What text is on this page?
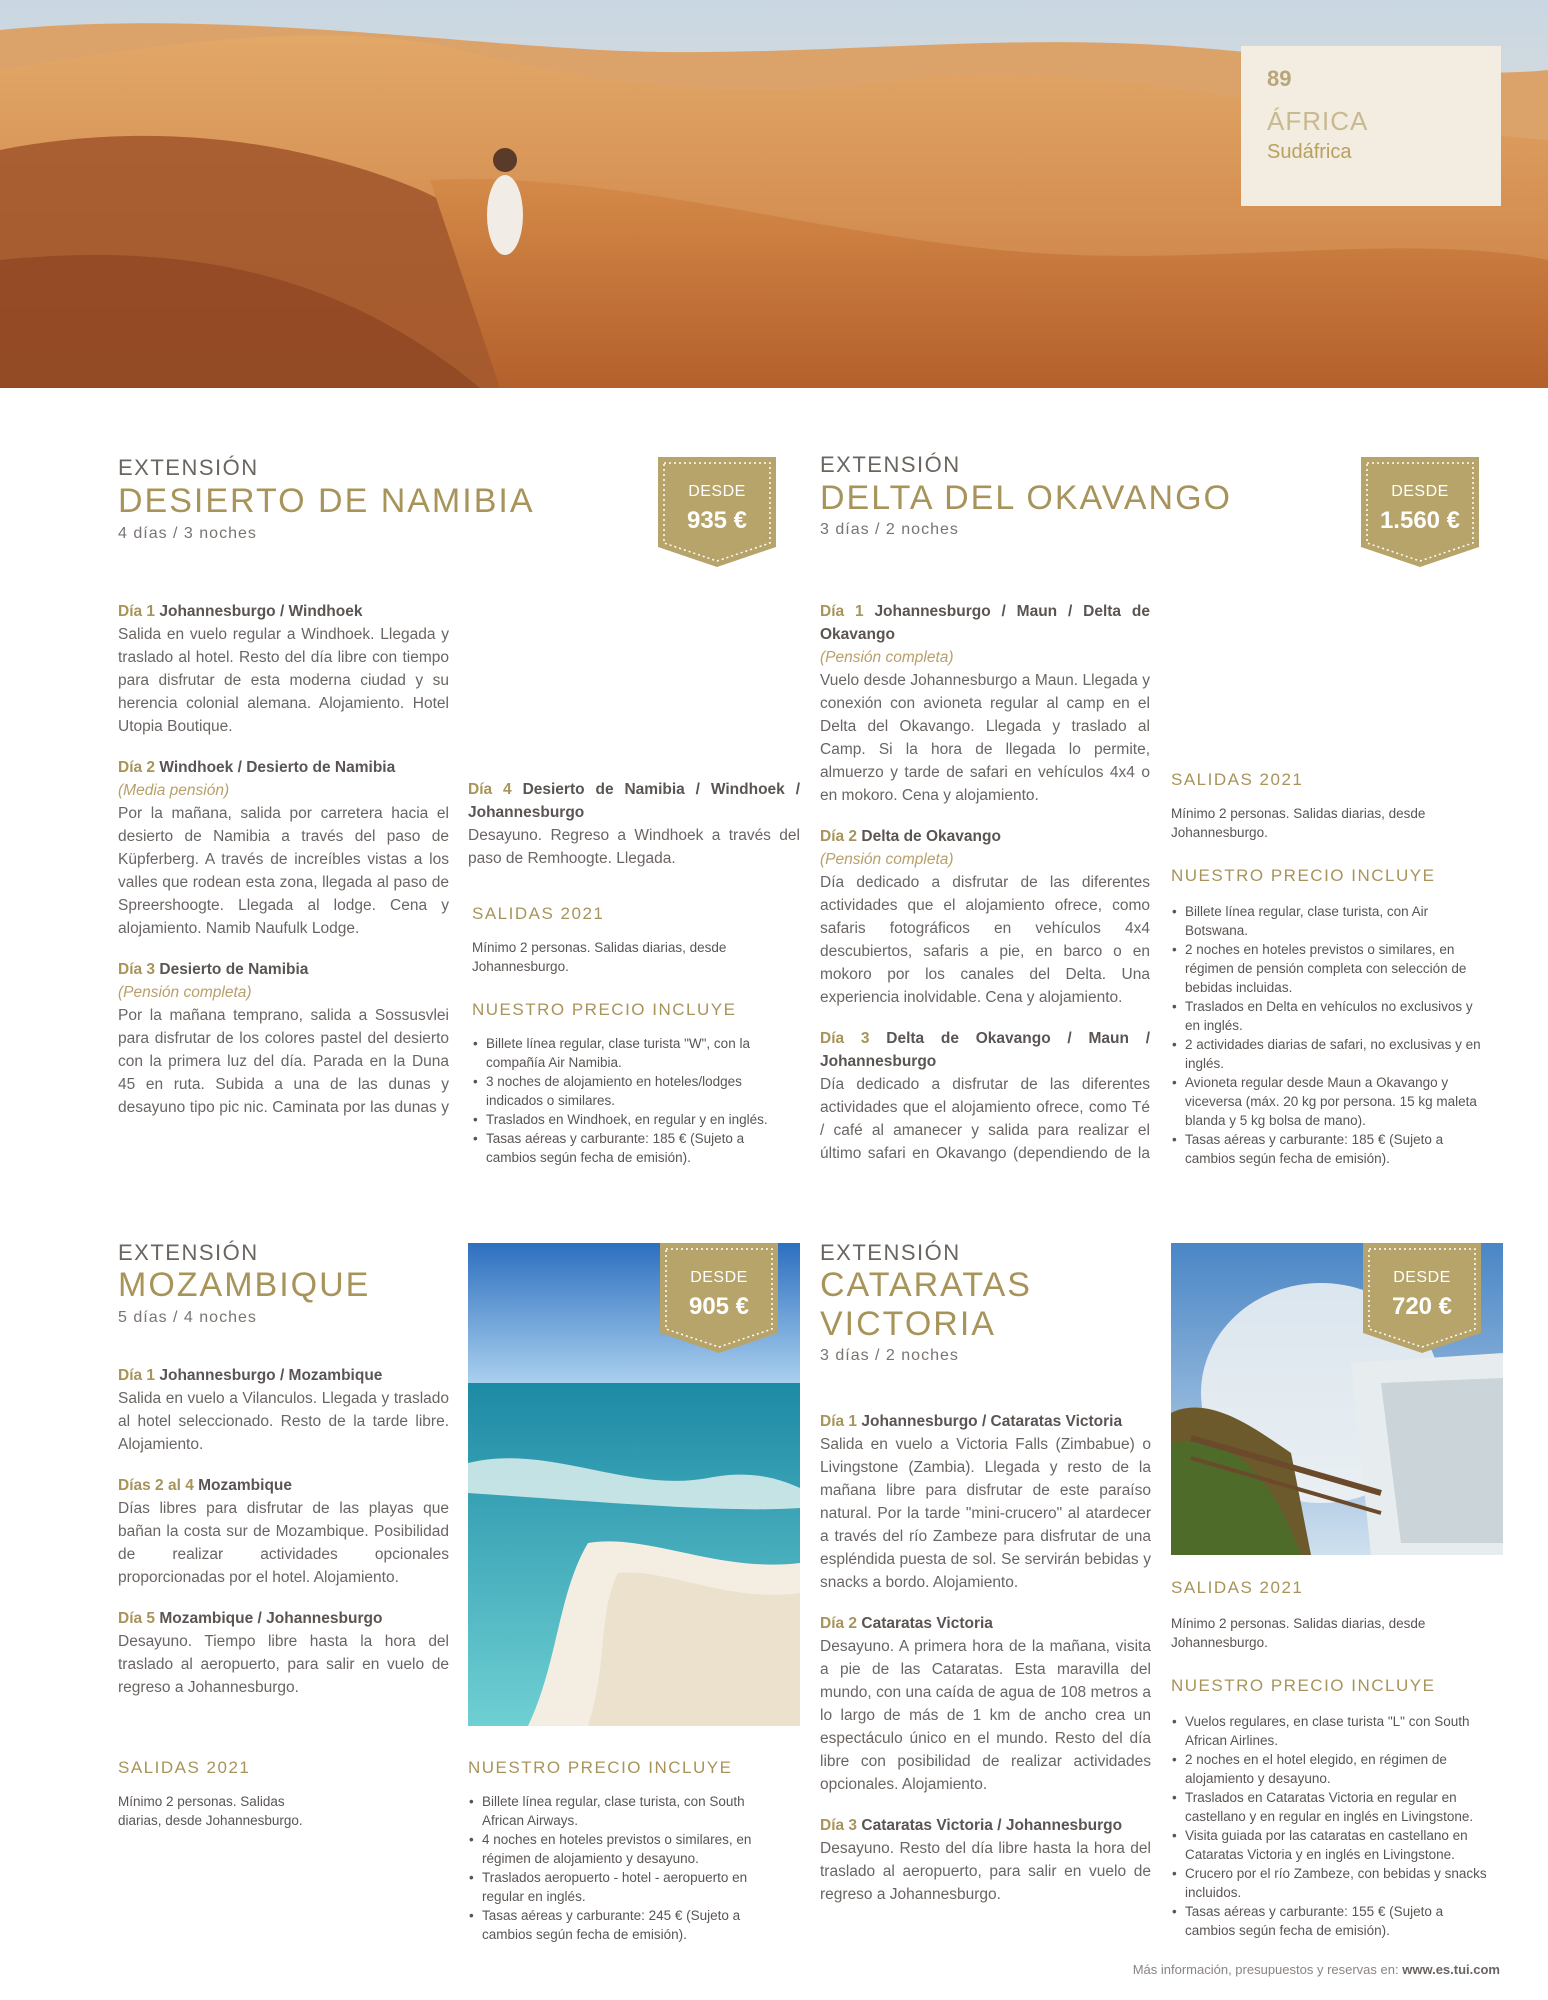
89
ÁFRICA
Sudáfrica
EXTENSIÓN
DESIERTO DE NAMIBIA
4 días / 3 noches
DESDE
935 €
Día 1 Johannesburgo / Windhoek
Salida en vuelo regular a Windhoek. Llegada y traslado al hotel. Resto del día libre con tiempo para disfrutar de esta moderna ciudad y su herencia colonial alemana. Alojamiento. Hotel Utopia Boutique.
Día 2 Windhoek / Desierto de Namibia
(Media pensión)
Por la mañana, salida por carretera hacia el desierto de Namibia a través del paso de Küpferberg. A través de increíbles vistas a los valles que rodean esta zona, llegada al paso de Spreershoogte. Llegada al lodge. Cena y alojamiento. Namib Naufulk Lodge.
Día 3 Desierto de Namibia
(Pensión completa)
Por la mañana temprano, salida a Sossusvlei para disfrutar de los colores pastel del desierto con la primera luz del día. Parada en la Duna 45 en ruta. Subida a una de las dunas y desayuno tipo pic nic. Caminata por las dunas y
Día 4 Desierto de Namibia / Windhoek / Johannesburgo
Desayuno. Regreso a Windhoek a través del paso de Remhoogte. Llegada.
SALIDAS 2021
Mínimo 2 personas. Salidas diarias, desde Johannesburgo.
NUESTRO PRECIO INCLUYE
• Billete línea regular, clase turista "W", con la compañía Air Namibia.
• 3 noches de alojamiento en hoteles/lodges indicados o similares.
• Traslados en Windhoek, en regular y en inglés.
• Tasas aéreas y carburante: 185 € (Sujeto a cambios según fecha de emisión).
EXTENSIÓN
DELTA DEL OKAVANGO
3 días / 2 noches
DESDE
1.560 €
Día 1 Johannesburgo / Maun / Delta de Okavango
(Pensión completa)
Vuelo desde Johannesburgo a Maun. Llegada y conexión con avioneta regular al camp en el Delta del Okavango. Llegada y traslado al Camp. Si la hora de llegada lo permite, almuerzo y tarde de safari en vehículos 4x4 o en mokoro. Cena y alojamiento.
Día 2 Delta de Okavango
(Pensión completa)
Día dedicado a disfrutar de las diferentes actividades que el alojamiento ofrece, como safaris fotográficos en vehículos 4x4 descubiertos, safaris a pie, en barco o en mokoro por los canales del Delta. Una experiencia inolvidable. Cena y alojamiento.
Día 3 Delta de Okavango / Maun / Johannesburgo
Día dedicado a disfrutar de las diferentes actividades que el alojamiento ofrece, como Té / café al amanecer y salida para realizar el último safari en Okavango (dependiendo de la
SALIDAS 2021
Mínimo 2 personas. Salidas diarias, desde Johannesburgo.
NUESTRO PRECIO INCLUYE
• Billete línea regular, clase turista, con Air Botswana.
• 2 noches en hoteles previstos o similares, en régimen de pensión completa con selección de bebidas incluidas.
• Traslados en Delta en vehículos no exclusivos y en inglés.
• 2 actividades diarias de safari, no exclusivas y en inglés.
• Avioneta regular desde Maun a Okavango y viceversa (máx. 20 kg por persona. 15 kg maleta blanda y 5 kg bolsa de mano).
• Tasas aéreas y carburante: 185 € (Sujeto a cambios según fecha de emisión).
EXTENSIÓN
MOZAMBIQUE
5 días / 4 noches
Día 1 Johannesburgo / Mozambique
Salida en vuelo a Vilanculos. Llegada y traslado al hotel seleccionado. Resto de la tarde libre. Alojamiento.
Días 2 al 4 Mozambique
Días libres para disfrutar de las playas que bañan la costa sur de Mozambique. Posibilidad de realizar actividades opcionales proporcionadas por el hotel. Alojamiento.
Día 5 Mozambique / Johannesburgo
Desayuno. Tiempo libre hasta la hora del traslado al aeropuerto, para salir en vuelo de regreso a Johannesburgo.
SALIDAS 2021
Mínimo 2 personas. Salidas diarias, desde Johannesburgo.
DESDE
905 €
NUESTRO PRECIO INCLUYE
• Billete línea regular, clase turista, con South African Airways.
• 4 noches en hoteles previstos o similares, en régimen de alojamiento y desayuno.
• Traslados aeropuerto - hotel - aeropuerto en regular en inglés.
• Tasas aéreas y carburante: 245 € (Sujeto a cambios según fecha de emisión).
EXTENSIÓN
CATARATAS
VICTORIA
3 días / 2 noches
Día 1 Johannesburgo / Cataratas Victoria
Salida en vuelo a Victoria Falls (Zimbabue) o Livingstone (Zambia). Llegada y resto de la mañana libre para disfrutar de este paraíso natural. Por la tarde "mini-crucero" al atardecer a través del río Zambeze para disfrutar de una espléndida puesta de sol. Se servirán bebidas y snacks a bordo. Alojamiento.
Día 2 Cataratas Victoria
Desayuno. A primera hora de la mañana, visita a pie de las Cataratas. Esta maravilla del mundo, con una caída de agua de 108 metros a lo largo de más de 1 km de ancho crea un espectáculo único en el mundo. Resto del día libre con posibilidad de realizar actividades opcionales. Alojamiento.
Día 3 Cataratas Victoria / Johannesburgo
Desayuno. Resto del día libre hasta la hora del traslado al aeropuerto, para salir en vuelo de regreso a Johannesburgo.
DESDE
720 €
SALIDAS 2021
Mínimo 2 personas. Salidas diarias, desde Johannesburgo.
NUESTRO PRECIO INCLUYE
• Vuelos regulares, en clase turista "L" con South African Airlines.
• 2 noches en el hotel elegido, en régimen de alojamiento y desayuno.
• Traslados en Cataratas Victoria en regular en castellano y en regular en inglés en Livingstone.
• Visita guiada por las cataratas en castellano en Cataratas Victoria y en inglés en Livingstone.
• Crucero por el río Zambeze, con bebidas y snacks incluidos.
• Tasas aéreas y carburante: 155 € (Sujeto a cambios según fecha de emisión).
Más información, presupuestos y reservas en: www.es.tui.com
